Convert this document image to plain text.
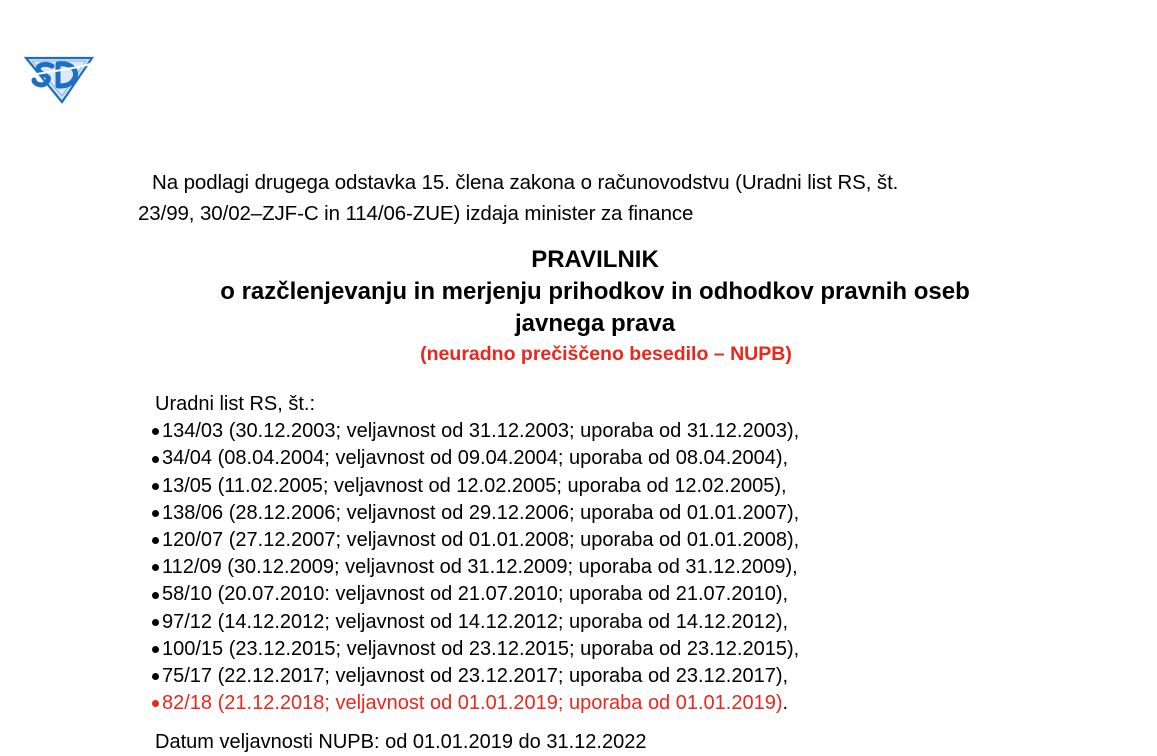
Na podlagi drugega odstavka 15. člena zakona o računovodstvu (Uradni list RS, št.
23/99, 30/02–ZJF-C in 114/06-ZUE) izdaja minister za finance
PRAVILNIK
o razčlenjevanju in merjenju prihodkov in odhodkov pravnih oseb
javnega prava
(neuradno prečiščeno besedilo – NUPB)
Uradni list RS, št.:
134/03 (30.12.2003; veljavnost od 31.12.2003; uporaba od 31.12.2003),
34/04 (08.04.2004; veljavnost od 09.04.2004; uporaba od 08.04.2004),
13/05 (11.02.2005; veljavnost od 12.02.2005; uporaba od 12.02.2005),
138/06 (28.12.2006; veljavnost od 29.12.2006; uporaba od 01.01.2007),
120/07 (27.12.2007; veljavnost od 01.01.2008; uporaba od 01.01.2008),
112/09 (30.12.2009; veljavnost od 31.12.2009; uporaba od 31.12.2009),
58/10 (20.07.2010: veljavnost od 21.07.2010; uporaba od 21.07.2010),
97/12 (14.12.2012; veljavnost od 14.12.2012; uporaba od 14.12.2012),
100/15 (23.12.2015; veljavnost od 23.12.2015; uporaba od 23.12.2015),
75/17 (22.12.2017; veljavnost od 23.12.2017; uporaba od 23.12.2017),
82/18 (21.12.2018; veljavnost od 01.01.2019; uporaba od 01.01.2019) .
Datum veljavnosti NUPB: od 01.01.2019 do 31.12.2022
